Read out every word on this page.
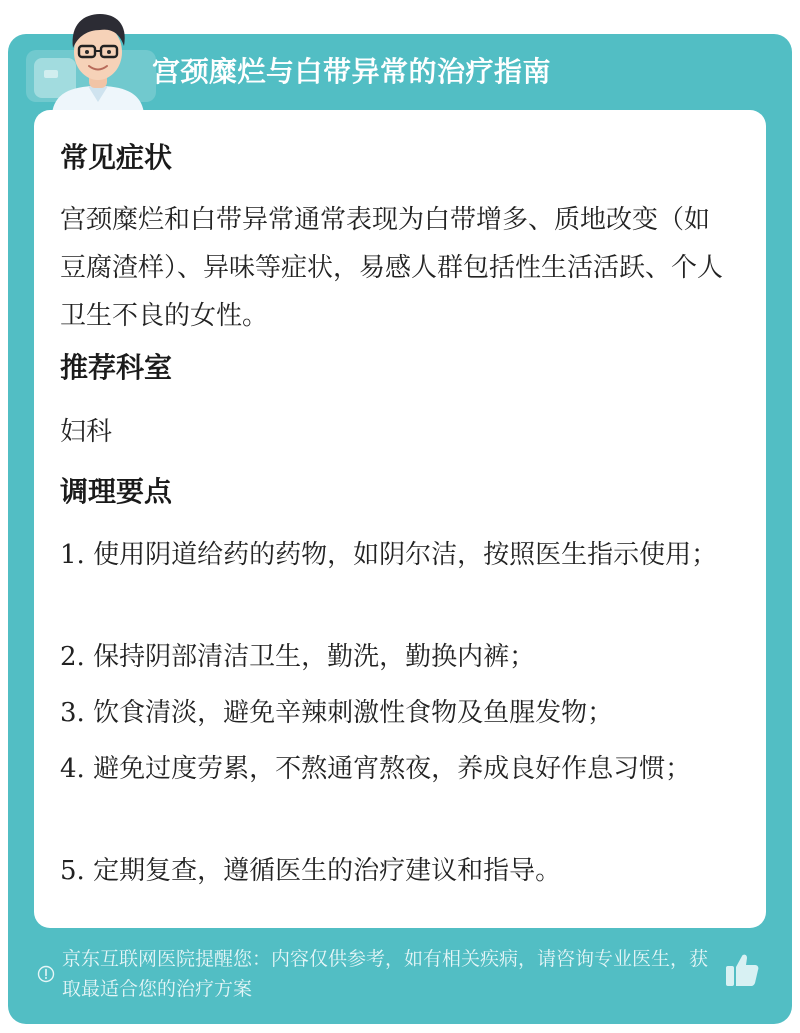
宫颈糜烂与白带异常的治疗指南
常见症状
宫颈糜烂和白带异常通常表现为白带增多、质地改变（如豆腐渣样）、异味等症状，易感人群包括性生活活跃、个人卫生不良的女性。
推荐科室
妇科
调理要点
1. 使用阴道给药的药物，如阴尔洁，按照医生指示使用；
2. 保持阴部清洁卫生，勤洗，勤换内裤；
3. 饮食清淡，避免辛辣刺激性食物及鱼腥发物；
4. 避免过度劳累，不熬通宵熬夜，养成良好作息习惯；
5. 定期复查，遵循医生的治疗建议和指导。
京东互联网医院提醒您：内容仅供参考，如有相关疾病，请咨询专业医生，获取最适合您的治疗方案
